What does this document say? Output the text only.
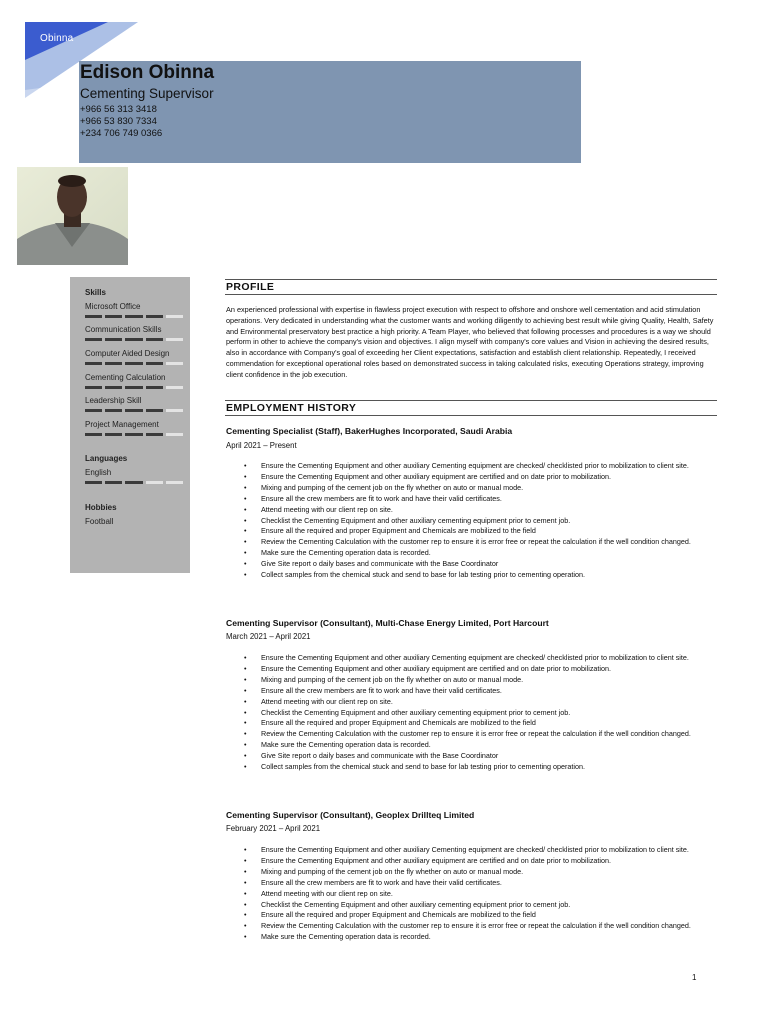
Obinna
Edison Obinna
Cementing Supervisor
+966 56 313 3418
+966 53 830 7334
+234 706 749 0366
Skills
Microsoft Office
Communication Skills
Computer Aided Design
Cementing Calculation
Leadership Skill
Project Management
Languages
English
Hobbies
Football
PROFILE
An experienced professional with expertise in flawless project execution with respect to offshore and onshore well cementation and acid stimulation operations. Very dedicated in understanding what the customer wants and working diligently to achieving best result while giving Quality, Health, Safety and Environmental preservatory best practice a high priority. A Team Player, who believed that following processes and procedures is a way we should perform in other to achieve the company's vision and objectives. I align myself with company's core values and Vision in achieving the desired results, also in accordance with Company's goal of exceeding her Client expectations, satisfaction and establish client relationship. Repeatedly, I received commendation for exceptional operational roles based on demonstrated success in taking calculated risks, executing Operations strategy, improving client confidence in the job execution.
EMPLOYMENT HISTORY
Cementing Specialist (Staff), BakerHughes Incorporated, Saudi Arabia
April 2021 – Present
• Ensure the Cementing Equipment and other auxiliary Cementing equipment are checked/ checklisted prior to mobilization to client site.
• Ensure the Cementing Equipment and other auxiliary equipment are certified and on date prior to mobilization.
• Mixing and pumping of the cement job on the fly whether on auto or manual mode.
• Ensure all the crew members are fit to work and have their valid certificates.
• Attend meeting with our client rep on site.
• Checklist the Cementing Equipment and other auxiliary cementing equipment prior to cement job.
• Ensure all the required and proper Equipment and Chemicals are mobilized to the field
• Review the Cementing Calculation with the customer rep to ensure it is error free or repeat the calculation if the well condition changed.
• Make sure the Cementing operation data is recorded.
• Give Site report o daily bases and communicate with the Base Coordinator
• Collect samples from the chemical stuck and send to base for lab testing prior to cementing operation.
Cementing Supervisor (Consultant), Multi-Chase Energy Limited, Port Harcourt
March 2021 – April 2021
• Ensure the Cementing Equipment and other auxiliary Cementing equipment are checked/ checklisted prior to mobilization to client site.
• Ensure the Cementing Equipment and other auxiliary equipment are certified and on date prior to mobilization.
• Mixing and pumping of the cement job on the fly whether on auto or manual mode.
• Ensure all the crew members are fit to work and have their valid certificates.
• Attend meeting with our client rep on site.
• Checklist the Cementing Equipment and other auxiliary cementing equipment prior to cement job.
• Ensure all the required and proper Equipment and Chemicals are mobilized to the field
• Review the Cementing Calculation with the customer rep to ensure it is error free or repeat the calculation if the well condition changed.
• Make sure the Cementing operation data is recorded.
• Give Site report o daily bases and communicate with the Base Coordinator
• Collect samples from the chemical stuck and send to base for lab testing prior to cementing operation.
Cementing Supervisor (Consultant), Geoplex Drillteq Limited
February 2021 – April 2021
• Ensure the Cementing Equipment and other auxiliary Cementing equipment are checked/ checklisted prior to mobilization to client site.
• Ensure the Cementing Equipment and other auxiliary equipment are certified and on date prior to mobilization.
• Mixing and pumping of the cement job on the fly whether on auto or manual mode.
• Ensure all the crew members are fit to work and have their valid certificates.
• Attend meeting with our client rep on site.
• Checklist the Cementing Equipment and other auxiliary cementing equipment prior to cement job.
• Ensure all the required and proper Equipment and Chemicals are mobilized to the field
• Review the Cementing Calculation with the customer rep to ensure it is error free or repeat the calculation if the well condition changed.
• Make sure the Cementing operation data is recorded.
1
